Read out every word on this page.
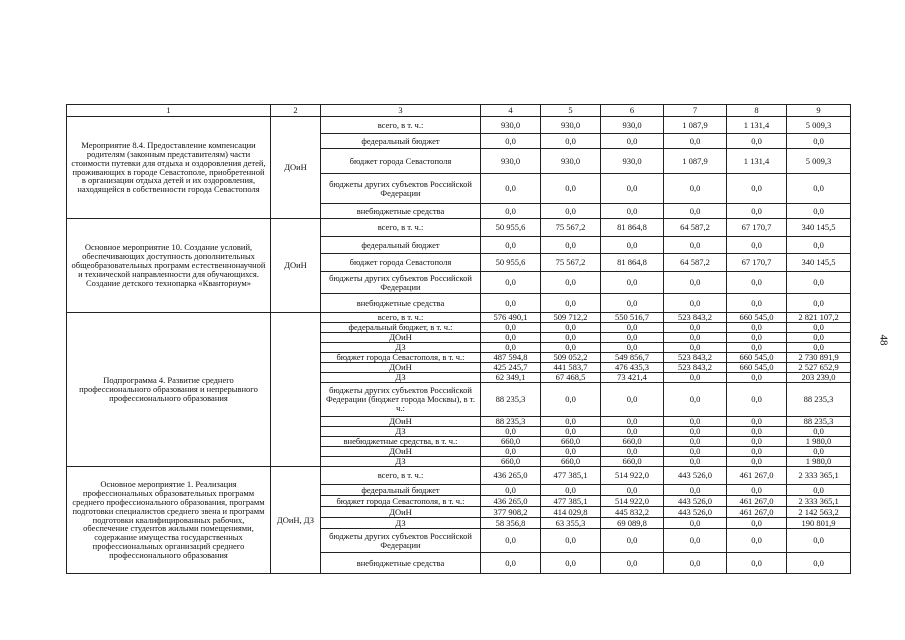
48
1	2	3	4	5	6	7	8	9
Мероприятие 8.4. Предоставление компенсации родителям (законным представителям) части стоимости путевки для отдыха и оздоровления детей, проживающих в городе Севастополе, приобретенной в организации отдыха детей и их оздоровления, находящейся в собственности города Севастополя	ДОиН	всего, в т. ч.:	930,0	930,0	930,0	1 087,9	1 131,4	5 009,3
		федеральный бюджет	0,0	0,0	0,0	0,0	0,0	0,0
		бюджет города Севастополя	930,0	930,0	930,0	1 087,9	1 131,4	5 009,3
		бюджеты других субъектов Российской Федерации	0,0	0,0	0,0	0,0	0,0	0,0
		внебюджетные средства	0,0	0,0	0,0	0,0	0,0	0,0
Основное мероприятие 10. Создание условий, обеспечивающих доступность дополнительных общеобразовательных программ естественнонаучной и технической направленности для обучающихся. Создание детского технопарка «Кванториум»	ДОиН	всего, в т. ч.:	50 955,6	75 567,2	81 864,8	64 587,2	67 170,7	340 145,5
		федеральный бюджет	0,0	0,0	0,0	0,0	0,0	0,0
		бюджет города Севастополя	50 955,6	75 567,2	81 864,8	64 587,2	67 170,7	340 145,5
		бюджеты других субъектов Российской Федерации	0,0	0,0	0,0	0,0	0,0	0,0
		внебюджетные средства	0,0	0,0	0,0	0,0	0,0	0,0
Подпрограмма 4. Развитие среднего профессионального образования и непрерывного профессионального образования		всего, в т. ч.:	576 490,1	509 712,2	550 516,7	523 843,2	660 545,0	2 821 107,2
		федеральный бюджет, в т. ч.:	0,0	0,0	0,0	0,0	0,0	0,0
		ДОиН	0,0	0,0	0,0	0,0	0,0	0,0
		ДЗ	0,0	0,0	0,0	0,0	0,0	0,0
		бюджет города Севастополя, в т. ч.:	487 594,8	509 052,2	549 856,7	523 843,2	660 545,0	2 730 891,9
		ДОиН	425 245,7	441 583,7	476 435,3	523 843,2	660 545,0	2 527 652,9
		ДЗ	62 349,1	67 468,5	73 421,4	0,0	0,0	203 239,0
		бюджеты других субъектов Российской Федерации (бюджет города Москвы), в т. ч.:	88 235,3	0,0	0,0	0,0	0,0	88 235,3
		ДОиН	88 235,3	0,0	0,0	0,0	0,0	88 235,3
		ДЗ	0,0	0,0	0,0	0,0	0,0	0,0
		внебюджетные средства, в т. ч.:	660,0	660,0	660,0	0,0	0,0	1 980,0
		ДОиН	0,0	0,0	0,0	0,0	0,0	0,0
		ДЗ	660,0	660,0	660,0	0,0	0,0	1 980,0
Основное мероприятие 1. Реализация профессиональных образовательных программ среднего профессионального образования, программ подготовки специалистов среднего звена и программ подготовки квалифицированных рабочих, обеспечение студентов жилыми помещениями, содержание имущества государственных профессиональных организаций среднего профессионального образования	ДОиН, ДЗ	всего, в т. ч.:	436 265,0	477 385,1	514 922,0	443 526,0	461 267,0	2 333 365,1
		федеральный бюджет	0,0	0,0	0,0	0,0	0,0	0,0
		бюджет города Севастополя, в т. ч.:	436 265,0	477 385,1	514 922,0	443 526,0	461 267,0	2 333 365,1
		ДОиН	377 908,2	414 029,8	445 832,2	443 526,0	461 267,0	2 142 563,2
		ДЗ	58 356,8	63 355,3	69 089,8	0,0	0,0	190 801,9
		бюджеты других субъектов Российской Федерации	0,0	0,0	0,0	0,0	0,0	0,0
		внебюджетные средства	0,0	0,0	0,0	0,0	0,0	0,0
